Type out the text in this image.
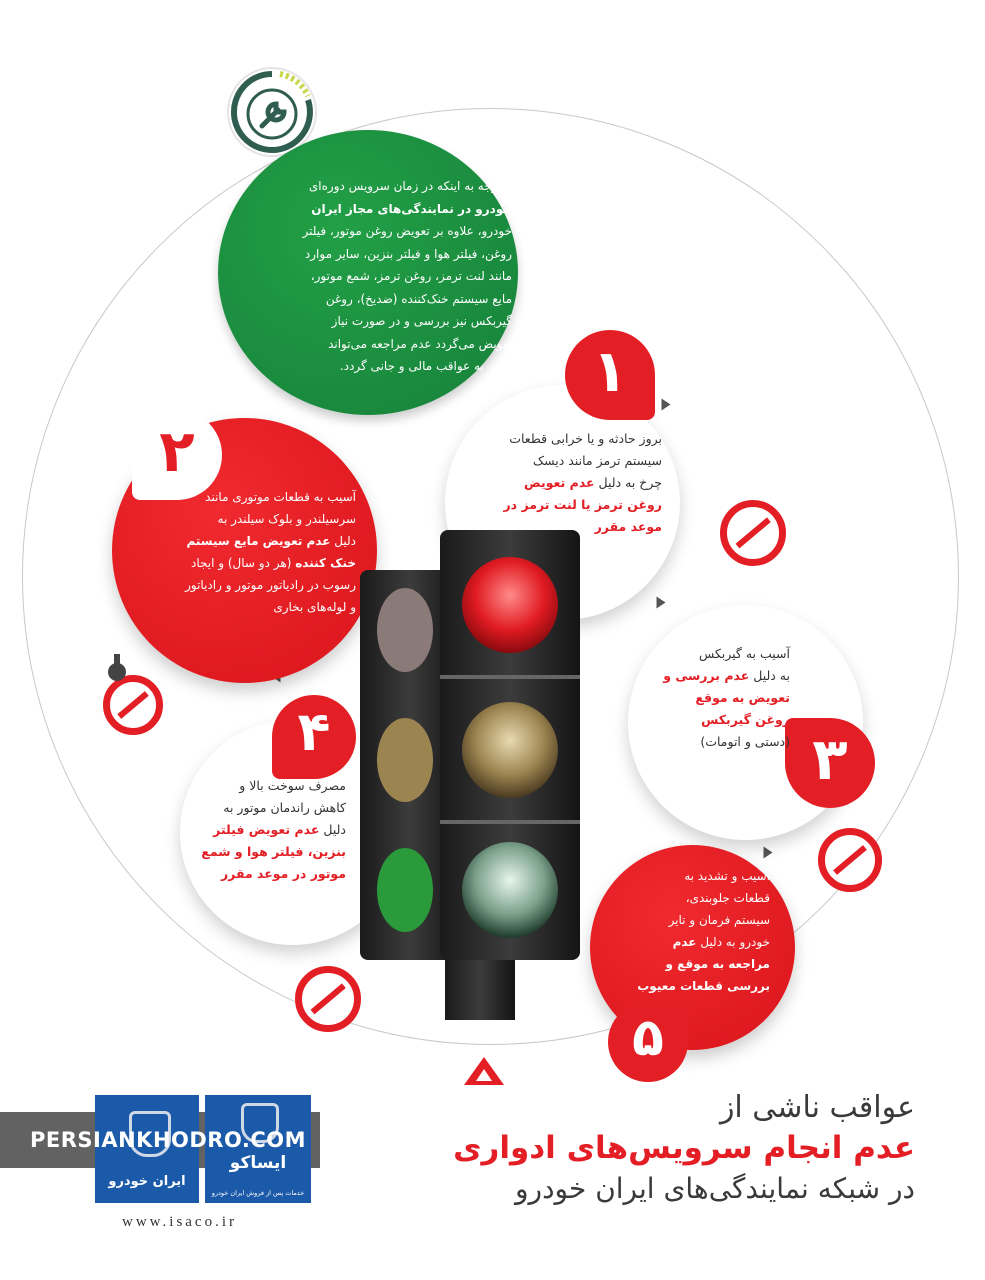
با توجه به اینکه در زمان سرویس دوره‌ای
خودرو در نمایندگی‌های مجاز ایران
خودرو، علاوه بر تعویض روغن موتور، فیلتر
روغن، فیلتر هوا و فیلتر بنزین، سایر موارد
مانند لنت ترمز، روغن ترمز، شمع موتور،
مایع سیستم خنک‌کننده (ضدیخ)، روغن
گیربکس نیز بررسی و در صورت نیاز
تعویض می‌گردد عدم مراجعه می‌تواند
منجر به عواقب مالی و جانی گردد.	۱
بروز حادثه و یا خرابی قطعات
سیستم ترمز مانند دیسک
چرخ به دلیل عدم تعویض
روغن ترمز یا لنت ترمز در
موعد مقرر
۲
آسیب به قطعات موتوری مانند
سرسیلندر و بلوک سیلندر به
دلیل عدم تعویض مایع سیستم
خنک کننده (هر دو سال) و ایجاد
رسوب در رادیاتور موتور و رادیاتور
و لوله‌های بخاری
۳
آسیب به گیربکس
به دلیل عدم بررسی و
تعویض به موقع
روغن گیربکس
(دستی و اتومات)
۴
مصرف سوخت بالا و
کاهش راندمان موتور به
دلیل عدم تعویض فیلتر
بنزین، فیلتر هوا و شمع
موتور در موعد مقرر
۵
آسیب و تشدید به
قطعات جلوبندی،
سیستم فرمان و تایر
خودرو به دلیل عدم
مراجعه به موقع و
بررسی قطعات معیوب
عواقب ناشی از
عدم انجام سرویس‌های ادواری
در شبکه نمایندگی‌های ایران خودرو
ایران خودرو
ایساکو
خدمات پس از فروش ایران خودرو
PERSIANKHODRO.COM
www.isaco.ir
